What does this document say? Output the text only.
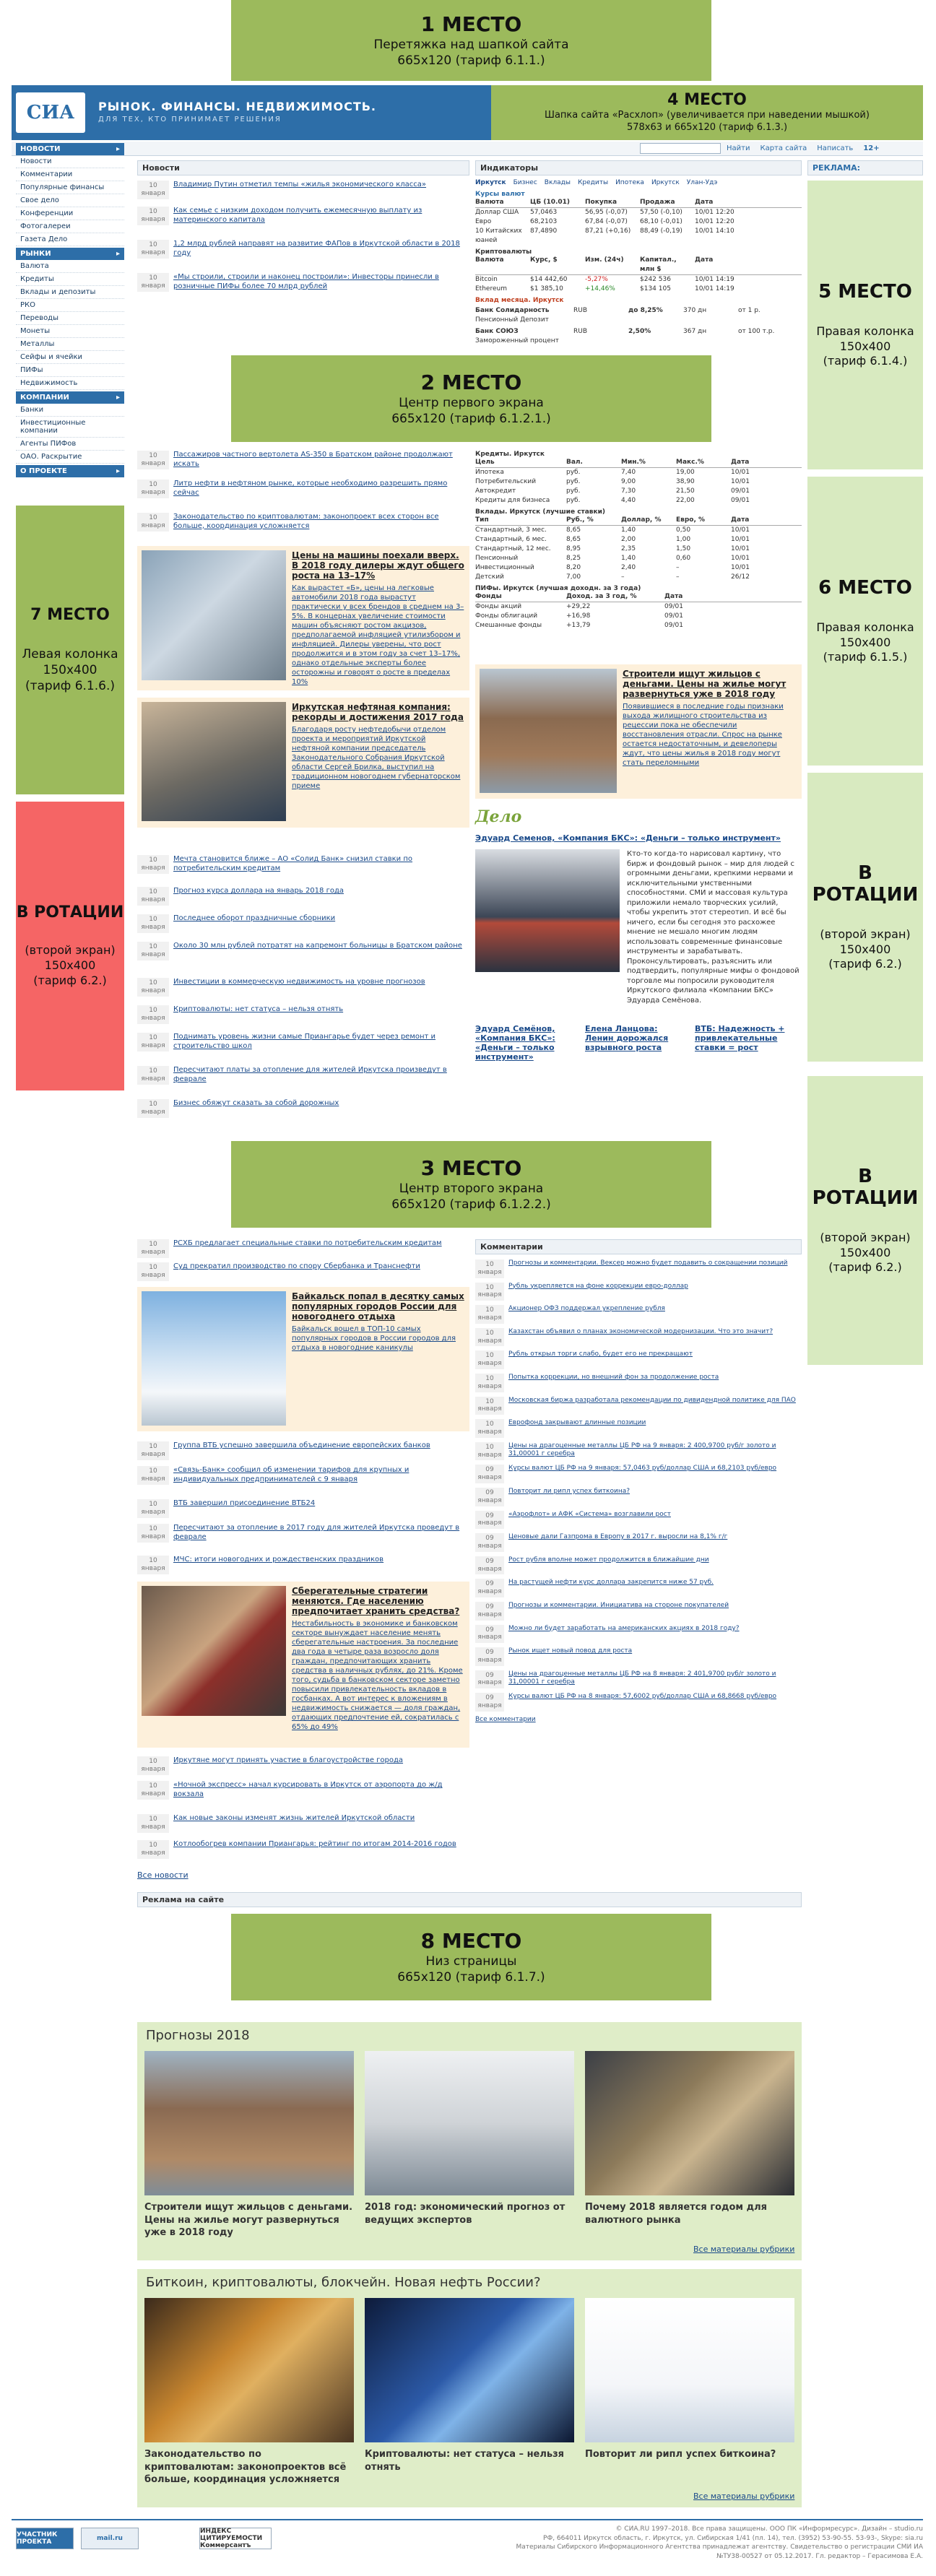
1 МЕСТО
Перетяжка над шапкой сайта
665x120 (тариф 6.1.1.)
СИА	РЫНОК. ФИНАНСЫ. НЕДВИЖИМОСТЬ.
ДЛЯ ТЕХ, КТО ПРИНИМАЕТ РЕШЕНИЯ
4 МЕСТО
Шапка сайта «Расхлоп» (увеличивается при наведении мышкой)
578x63 и 665x120 (тариф 6.1.3.)
Найти Карта сайта Написать 12+
НОВОСТИ	▸
Новости
Комментарии
Популярные финансы
Свое дело
Конференции
Фотогалереи
Газета Дело
РЫНКИ	▸
Валюта
Кредиты
Вклады и депозиты
РКО
Переводы
Монеты
Металлы
Сейфы и ячейки
ПИФы
Недвижимость
КОМПАНИИ	▸
Банки
Инвестиционные компании
Агенты ПИФов
ОАО. Раскрытие
О ПРОЕКТЕ	▸
7 МЕСТО
Левая колонка
150x400
(тариф 6.1.6.)
В РОТАЦИИ
(второй экран)
150x400
(тариф 6.2.)
РЕКЛАМА:
5 МЕСТО
Правая колонка
150x400
(тариф 6.1.4.)
6 МЕСТО
Правая колонка
150x400
(тариф 6.1.5.)
В РОТАЦИИ
(второй экран)
150x400
(тариф 6.2.)
В РОТАЦИИ
(второй экран)
150x400
(тариф 6.2.)
Новости
10 января
Владимир Путин отметил темпы «жилья экономического класса»
10 января
Как семье с низким доходом получить ежемесячную выплату из материнского капитала
10 января
1,2 млрд рублей направят на развитие ФАПов в Иркутской области в 2018 году
10 января
«Мы строили, строили и наконец построили»: Инвесторы принесли в розничные ПИФы более 70 млрд рублей
Индикаторы
Иркутск Бизнес Вклады Кредиты Ипотека Иркутск Улан-Удэ
Курсы валют
Валюта	ЦБ (10.01)	Покупка	Продажа	Дата
Доллар США	57,0463	56,95 (-0,07)	57,50 (-0,10)	10/01 12:20
Евро	68,2103	67,84 (-0,07)	68,10 (-0,01)	10/01 12:20
10 Китайских юаней
87,4890	87,21 (+0,16)	88,49 (-0,19)	10/01 14:10
Криптовалюты
Валюта	Курс, $	Изм. (24ч)	Капитал., млн $
Дата
Bitcoin	$14 442,60	-5,27%	$242 536	10/01 14:19
Ethereum	$1 385,10	+14,46%	$134 105	10/01 14:19
Вклад месяца. Иркутск
Банк Солидарность	RUB	до 8,25%	370 дн	от 1 р.
Пенсионный Депозит
Банк СОЮЗ	RUB	2,50%	367 дн	от 100 т.р.
Замороженный процент
2 МЕСТО
Центр первого экрана
665x120 (тариф 6.1.2.1.)
10 января
Пассажиров частного вертолета AS-350 в Братском районе продолжают искать
10 января
Литр нефти в нефтяном рынке, которые необходимо разрешить прямо сейчас
10 января
Законодательство по криптовалютам: законопроект всех сторон все больше, координация усложняется
Цены на машины поехали вверх. В 2018 году дилеры ждут общего роста на 13–17%
Как вырастет «Б», цены на легковые автомобили 2018 года вырастут практически у всех брендов в среднем на 3–5%. В концернах увеличение стоимости машин объясняют ростом акцизов, предполагаемой инфляцией утилизбором и инфляцией. Дилеры уверены, что рост продолжится и в этом году за счет 13–17%, однако отдельные эксперты более осторожны и говорят о росте в пределах 10%
Иркутская нефтяная компания: рекорды и достижения 2017 года
Благодаря росту нефтедобычи отделом проекта и мероприятий Иркутской нефтяной компании председатель Законодательного Собрания Иркутской области Сергей Брилка, выступил на традиционном новогоднем губернаторском приеме
Кредиты. Иркутск
Цель	Вал.	Мин.%	Макс.%	Дата
Ипотека	руб.	7,40	19,00	10/01
Потребительский	руб.	9,00	38,90	10/01
Автокредит	руб.	7,30	21,50	09/01
Кредиты для бизнеса	руб.	4,40	22,00	09/01
Вклады. Иркутск (лучшие ставки)
Тип	Руб., %	Доллар, %	Евро, %	Дата
Стандартный, 3 мес.	8,65	1,40	0,50	10/01
Стандартный, 6 мес.	8,65	2,00	1,00	10/01
Стандартный, 12 мес.	8,95	2,35	1,50	10/01
Пенсионный	8,25	1,40	0,60	10/01
Инвестиционный	8,20	2,40	–	10/01
Детский	7,00	–	–	26/12
ПИФы. Иркутск (лучшая доходн. за 3 года)
Фонды	Доход. за 3 год, %	Дата
Фонды акций	+29,22	09/01
Фонды облигаций	+16,98	09/01
Смешанные фонды	+13,79	09/01
Строители ищут жильцов с деньгами. Цены на жилье могут развернуться уже в 2018 году
Появившиеся в последние годы признаки выхода жилищного строительства из рецессии пока не обеспечили восстановления отрасли. Спрос на рынке остается недостаточным, и девелоперы ждут, что цены жилья в 2018 году могут стать переломными
Дело
Эдуард Семенов, «Компания БКС»: «Деньги – только инструмент»
Кто-то когда-то нарисовал картину, что бирж и фондовый рынок – мир для людей с огромными деньгами, крепкими нервами и исключительными умственными способностями. СМИ и массовая культура приложили немало творческих усилий, чтобы укрепить этот стереотип. И всё бы ничего, если бы сегодня это расхожее мнение не мешало многим людям использовать современные финансовые инструменты и зарабатывать. Проконсультировать, разъяснить или подтвердить, популярные мифы о фондовой торговле мы попросили руководителя Иркутского филиала «Компании БКС» Эдуарда Семёнова.
Эдуард Семёнов, «Компания БКС»: «Деньги – только инструмент»
Елена Ланцова: Ленин дорожался взрывного роста
ВТБ: Надежность + привлекательные ставки = рост
10 января
Мечта становится ближе – АО «Солид Банк» снизил ставки по потребительским кредитам
10 января
Прогноз курса доллара на январь 2018 года
10 января
Последнее оборот праздничные сборники
10 января
Около 30 млн рублей потратят на капремонт больницы в Братском районе
10 января
Инвестиции в коммерческую недвижимость на уровне прогнозов
10 января
Криптовалюты: нет статуса – нельзя отнять
10 января
Поднимать уровень жизни самые Приангарье будет через ремонт и строительство школ
10 января
Пересчитают платы за отопление для жителей Иркутска произведут в феврале
10 января
Бизнес обяжут сказать за собой дорожных
3 МЕСТО
Центр второго экрана
665x120 (тариф 6.1.2.2.)
10 января
РСХБ предлагает специальные ставки по потребительским кредитам
10 января
Суд прекратил производство по спору Сбербанка и Транснефти
Байкальск попал в десятку самых популярных городов России для новогоднего отдыха
Байкальск вошел в ТОП-10 самых популярных городов в России городов для отдыха в новогодние каникулы
10 января
Группа ВТБ успешно завершила объединение европейских банков
10 января
«Связь-Банк» сообщил об изменении тарифов для крупных и индивидуальных предпринимателей с 9 января
10 января
ВТБ завершил присоединение ВТБ24
10 января
Пересчитают за отопление в 2017 году для жителей Иркутска проведут в феврале
10 января
МЧС: итоги новогодних и рождественских праздников
Сберегательные стратегии меняются. Где населению предпочитает хранить средства?
Нестабильность в экономике и банковском секторе вынуждает население менять сберегательные настроения. За последние два года в четыре раза возросло доля граждан, предпочитающих хранить средства в наличных рублях, до 21%. Кроме того, судьба в банковском секторе заметно повысили привлекательность вкладов в госбанках. А вот интерес к вложениям в недвижимость снижается — доля граждан, отдающих предпочтение ей, сократилась с 65% до 49%
10 января
Иркутяне могут принять участие в благоустройстве города
10 января
«Ночной экспресс» начал курсировать в Иркутск от аэропорта до ж/д вокзала
10 января
Как новые законы изменят жизнь жителей Иркутской области
10 января
Котлообогрев компании Приангарья: рейтинг по итогам 2014-2016 годов
Все новости
Комментарии
10 января
Прогнозы и комментарии. Вексер можно будет подавить о сокращении позиций
10 января
Рубль укрепляется на фоне коррекции евро-доллар
10 января
Акционер ОФЗ поддержал укрепление рубля
10 января
Казахстан объявил о планах экономической модернизации. Что это значит?
10 января
Рубль открыл торги слабо, будет его не прекращают
10 января
Попытка коррекции, но внешний фон за продолжение роста
10 января
Московская биржа разработала рекомендации по дивидендной политике для ПАО
10 января
Еврофонд закрывают длинные позиции
10 января
Цены на драгоценные металлы ЦБ РФ на 9 января: 2 400,9700 руб/г золото и 31,00001 г серебра
09 января
Курсы валют ЦБ РФ на 9 января: 57,0463 руб/доллар США и 68,2103 руб/евро
09 января
Повторит ли рипл успех биткоина?
09 января
«Аэрофлот» и АФК «Система» возглавили рост
09 января
Ценовые дали Газпрома в Европу в 2017 г. выросли на 8,1% г/г
09 января
Рост рубля вполне может продолжится в ближайшие дни
09 января
На растущей нефти курс доллара закрепится ниже 57 руб.
09 января
Прогнозы и комментарии. Инициатива на стороне покупателей
09 января
Можно ли будет заработать на американских акциях в 2018 году?
09 января
Рынок ищет новый повод для роста
09 января
Цены на драгоценные металлы ЦБ РФ на 8 января: 2 401,9700 руб/г золото и 31,00001 г серебра
09 января
Курсы валют ЦБ РФ на 8 января: 57,6002 руб/доллар США и 68,8668 руб/евро
Все комментарии
Реклама на сайте
8 МЕСТО
Низ страницы
665x120 (тариф 6.1.7.)
Прогнозы 2018
Строители ищут жильцов с деньгами. Цены на жилье могут развернуться уже в 2018 году
2018 год: экономический прогноз от ведущих экспертов
Почему 2018 является годом для валютного рынка
Все материалы рубрики
Биткоин, криптовалюты, блокчейн. Новая нефть России?
Законодательство по криптовалютам: законопроектов всё больше, координация усложняется
Криптовалюты: нет статуса – нельзя отнять
Повторит ли рипл успех биткоина?
Все материалы рубрики
УЧАСТНИК ПРОЕКТА	mail.ru
ИНДЕКС ЦИТИРУЕМОСТИ Коммерсантъ
© СИА.RU 1997–2018. Все права защищены. ООО ПК «Информресурс». Дизайн – studio.ru
РФ, 664011 Иркутск область, г. Иркутск, ул. Сибирская 1/41 (пл. 14), тел. (3952) 53-90-55. 53-93-, Skype: sia.ru
Материалы Сибирского Информационного Агентства принадлежат агентству. Свидетельство о регистрации СМИ ИА №ТУ38-00527 от 05.12.2017. Гл. редактор – Герасимова Е.А.
